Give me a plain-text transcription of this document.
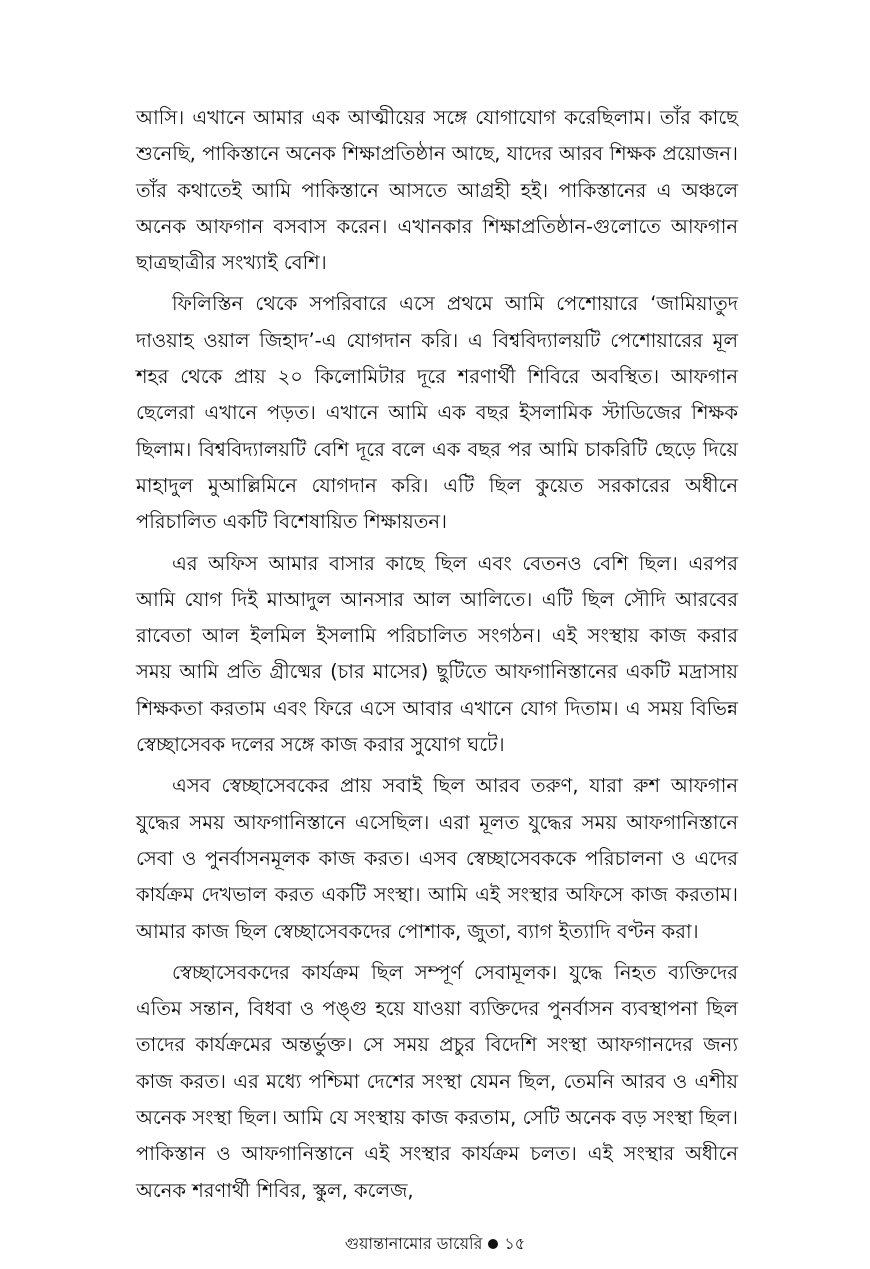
আসি। এখানে আমার এক আত্মীয়ের সঙ্গে যোগাযোগ করেছিলাম। তাঁর কাছে শুনেছি, পাকিস্তানে অনেক শিক্ষাপ্রতিষ্ঠান আছে, যাদের আরব শিক্ষক প্রয়োজন। তাঁর কথাতেই আমি পাকিস্তানে আসতে আগ্রহী হই। পাকিস্তানের এ অঞ্চলে অনেক আফগান বসবাস করেন। এখানকার শিক্ষাপ্রতিষ্ঠান-গুলোতে আফগান ছাত্রছাত্রীর সংখ্যাই বেশি।

ফিলিস্তিন থেকে সপরিবারে এসে প্রথমে আমি পেশোয়ারে ‘জামিয়াতুদ দাওয়াহ ওয়াল জিহাদ’-এ যোগদান করি। এ বিশ্ববিদ্যালয়টি পেশোয়ারের মূল শহর থেকে প্রায় ২০ কিলোমিটার দূরে শরণার্থী শিবিরে অবস্থিত। আফগান ছেলেরা এখানে পড়ত। এখানে আমি এক বছর ইসলামিক স্টাডিজের শিক্ষক ছিলাম। বিশ্ববিদ্যালয়টি বেশি দূরে বলে এক বছর পর আমি চাকরিটি ছেড়ে দিয়ে মাহাদুল মুআল্লিমিনে যোগদান করি। এটি ছিল কুয়েত সরকারের অধীনে পরিচালিত একটি বিশেষায়িত শিক্ষায়তন।

এর অফিস আমার বাসার কাছে ছিল এবং বেতনও বেশি ছিল। এরপর আমি যোগ দিই মাআদুল আনসার আল আলিতে। এটি ছিল সৌদি আরবের রাবেতা আল ইলমিল ইসলামি পরিচালিত সংগঠন। এই সংস্থায় কাজ করার সময় আমি প্রতি গ্রীষ্মের (চার মাসের) ছুটিতে আফগানিস্তানের একটি মদ্রাসায় শিক্ষকতা করতাম এবং ফিরে এসে আবার এখানে যোগ দিতাম। এ সময় বিভিন্ন স্বেচ্ছাসেবক দলের সঙ্গে কাজ করার সুযোগ ঘটে।

এসব স্বেচ্ছাসেবকের প্রায় সবাই ছিল আরব তরুণ, যারা রুশ আফগান যুদ্ধের সময় আফগানিস্তানে এসেছিল। এরা মূলত যুদ্ধের সময় আফগানিস্তানে সেবা ও পুনর্বাসনমূলক কাজ করত। এসব স্বেচ্ছাসেবককে পরিচালনা ও এদের কার্যক্রম দেখভাল করত একটি সংস্থা। আমি এই সংস্থার অফিসে কাজ করতাম। আমার কাজ ছিল স্বেচ্ছাসেবকদের পোশাক, জুতা, ব্যাগ ইত্যাদি বণ্টন করা।

স্বেচ্ছাসেবকদের কার্যক্রম ছিল সম্পূর্ণ সেবামূলক। যুদ্ধে নিহত ব্যক্তিদের এতিম সন্তান, বিধবা ও পঙ্গু হয়ে যাওয়া ব্যক্তিদের পুনর্বাসন ব্যবস্থাপনা ছিল তাদের কার্যক্রমের অন্তর্ভুক্ত। সে সময় প্রচুর বিদেশি সংস্থা আফগানদের জন্য কাজ করত। এর মধ্যে পশ্চিমা দেশের সংস্থা যেমন ছিল, তেমনি আরব ও এশীয় অনেক সংস্থা ছিল। আমি যে সংস্থায় কাজ করতাম, সেটি অনেক বড় সংস্থা ছিল। পাকিস্তান ও আফগানিস্তানে এই সংস্থার কার্যক্রম চলত। এই সংস্থার অধীনে অনেক শরণার্থী শিবির, স্কুল, কলেজ,

গুয়ান্তানামোর ডায়েরি ১৫
